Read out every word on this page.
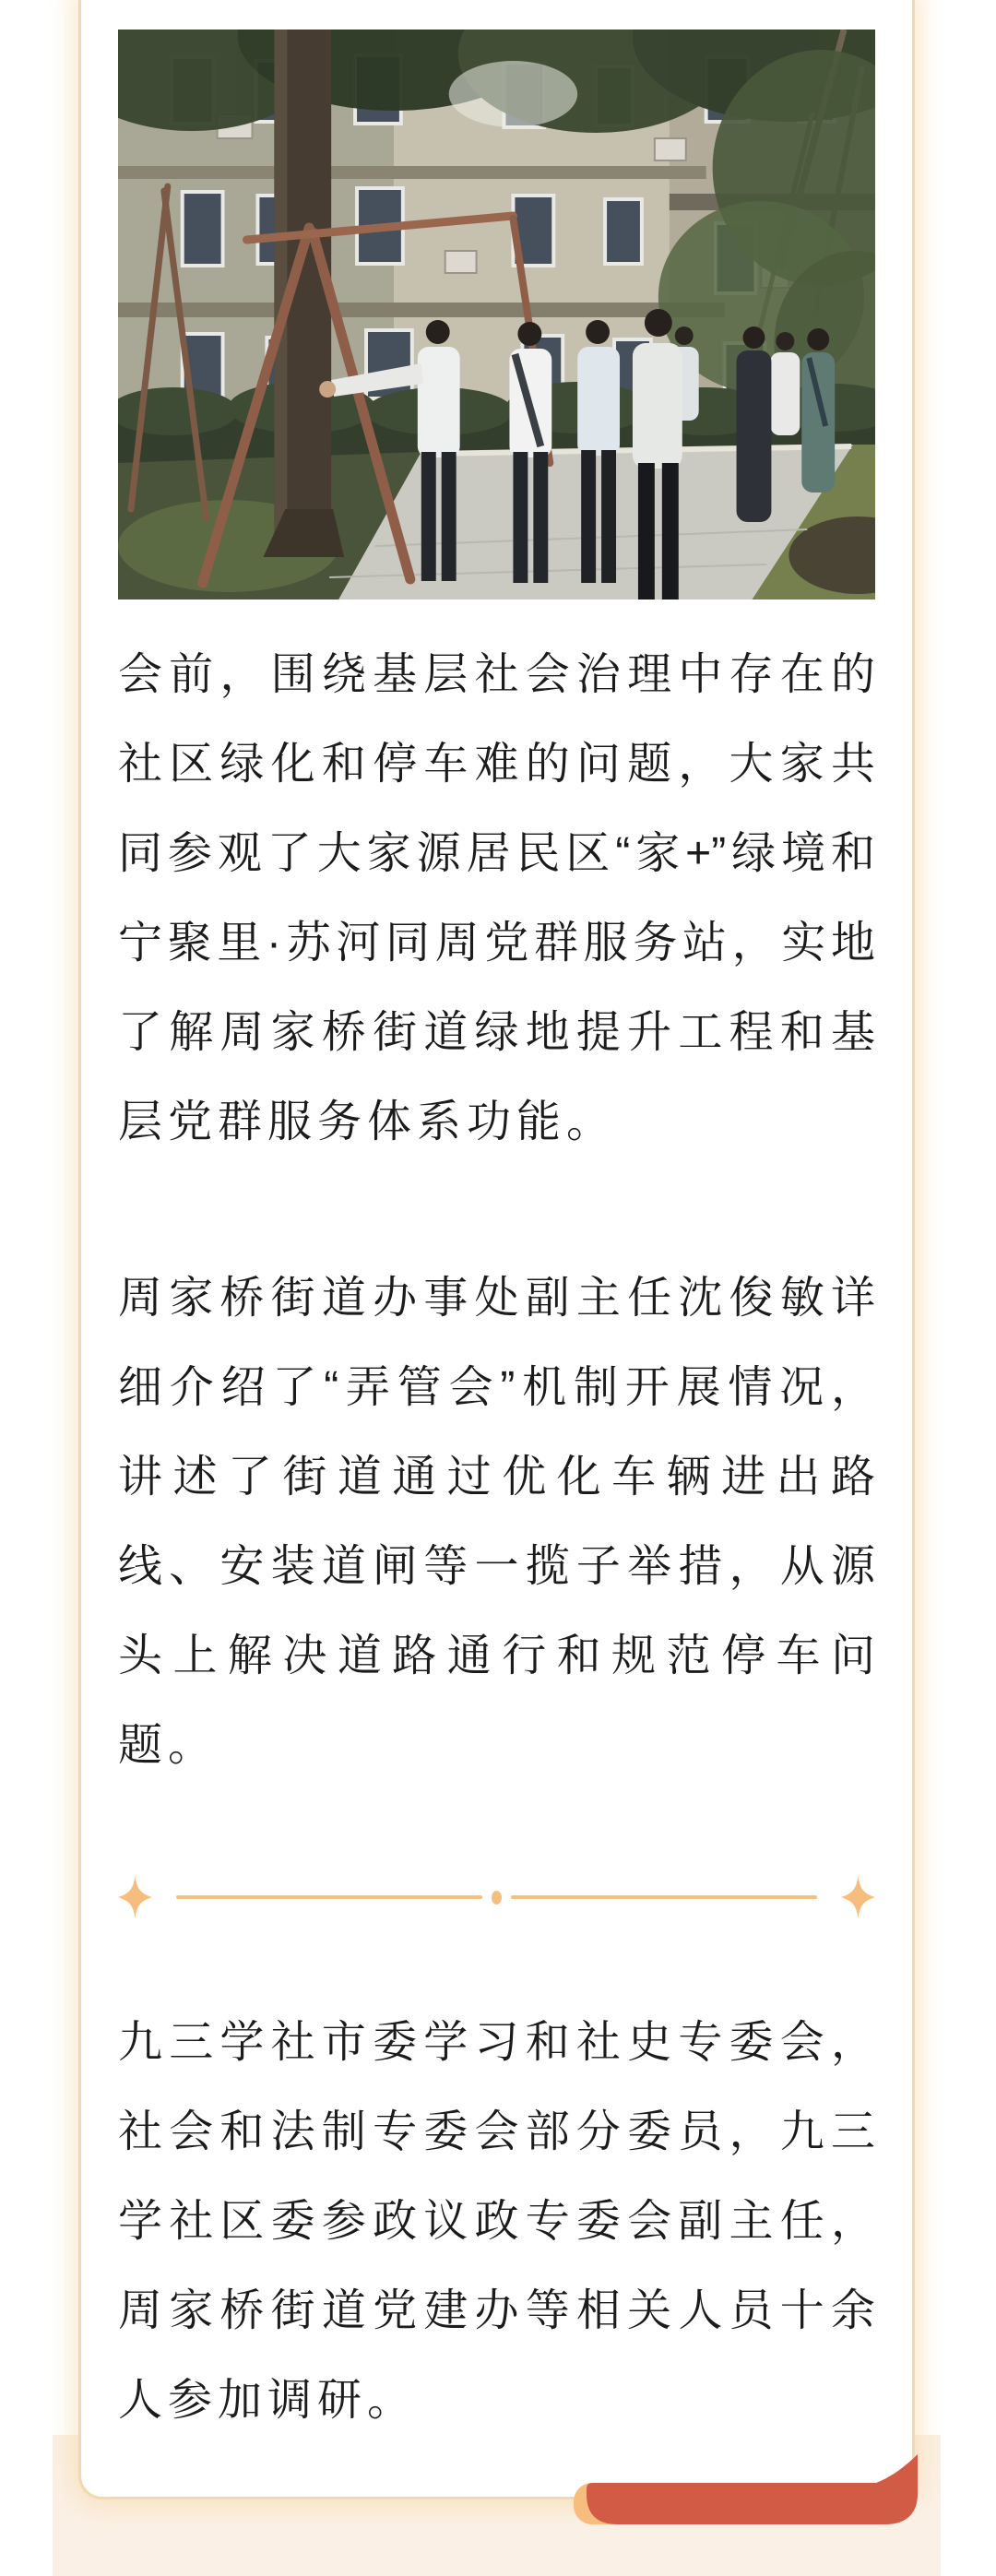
会前，围绕基层社会治理中存在的
社区绿化和停车难的问题，大家共
同参观了大家源居民区“家+”绿境和
宁聚里·苏河同周党群服务站，实地
了解周家桥街道绿地提升工程和基
层党群服务体系功能。
周家桥街道办事处副主任沈俊敏详
细介绍了“弄管会”机制开展情况，
讲述了街道通过优化车辆进出路
线、安装道闸等一揽子举措，从源
头上解决道路通行和规范停车问
题。
九三学社市委学习和社史专委会，
社会和法制专委会部分委员，九三
学社区委参政议政专委会副主任，
周家桥街道党建办等相关人员十余
人参加调研。
